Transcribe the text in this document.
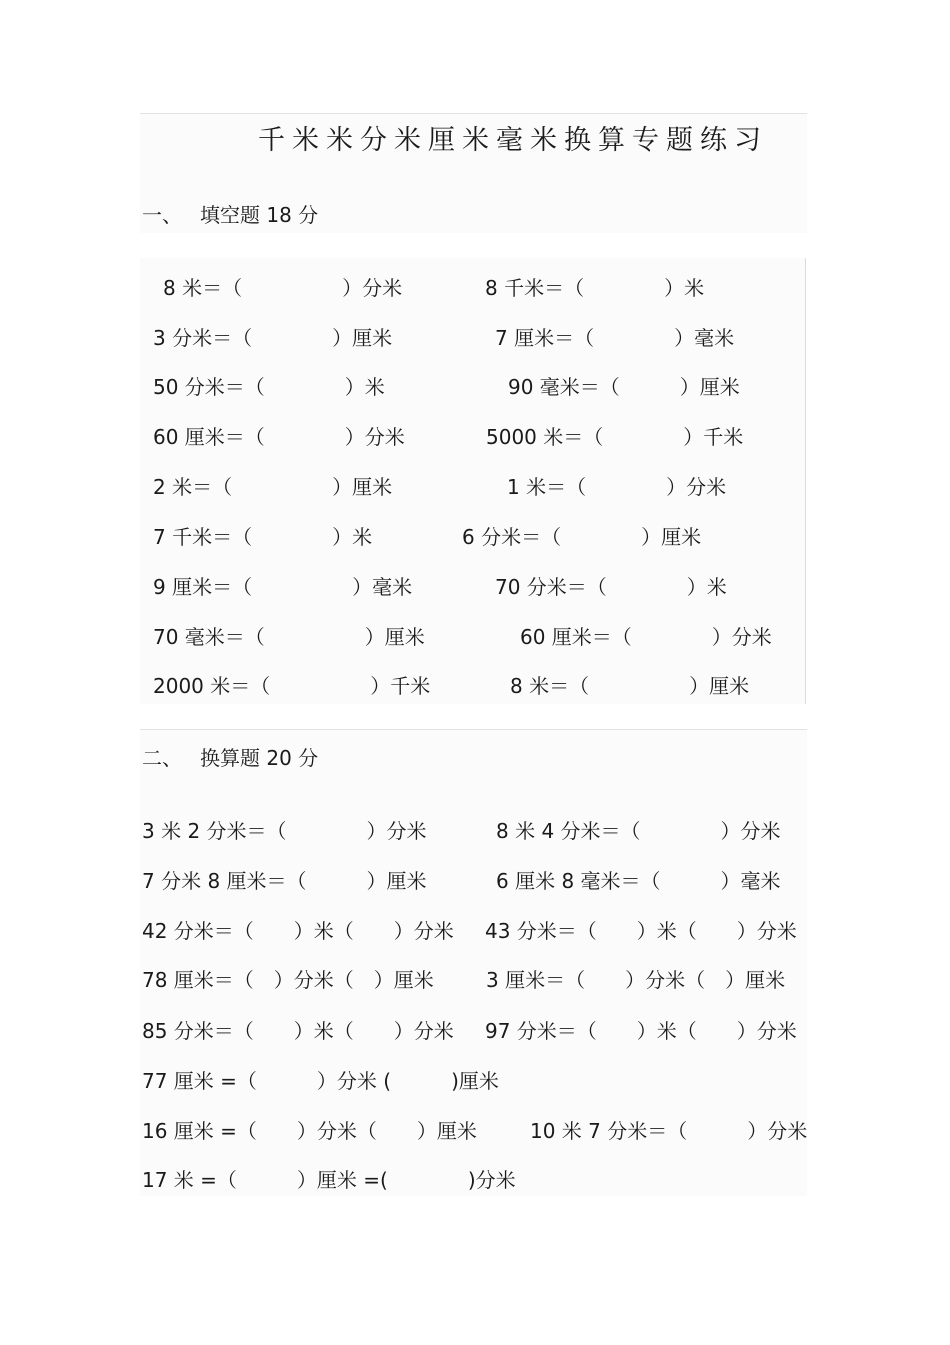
千米米分米厘米毫米换算专题练习
一、 填空题 18 分
8 米＝（　　　　　）分米	8 千米＝（　　　　）米
3 分米＝（　　　　）厘米	7 厘米＝（　　　　）毫米
50 分米＝（　　　　）米	90 毫米＝（　　　）厘米
60 厘米＝（　　　　）分米	5000 米＝（　　　　）千米
2 米＝（　　　　　）厘米	1 米＝（　　　　）分米
7 千米＝（　　　　）米	6 分米＝（　　　　）厘米
9 厘米＝（　　　　　）毫米	70 分米＝（　　　　）米
70 毫米＝（　　　　　）厘米	60 厘米＝（　　　　）分米
2000 米＝（　　　　　）千米	8 米＝（　　　　　）厘米
二、 换算题 20 分
3 米 2 分米＝（　　　　）分米	8 米 4 分米＝（　　　　）分米
7 分米 8 厘米＝（　　　）厘米	6 厘米 8 毫米＝（　　　）毫米
42 分米＝（　　）米（　　）分米 43 分米＝（　　）米（　　）分米
78 厘米＝（　）分米（　）厘米	3 厘米＝（　　）分米（　）厘米
85 分米＝（　　）米（　　）分米 97 分米＝（　　）米（　　）分米
77 厘米 =（　　　）分米 (　　　)厘米
16 厘米 =（　　）分米（　　）厘米	10 米 7 分米＝（　　　）分米
17 米 =（　　　）厘米 =(　　　　)分米
